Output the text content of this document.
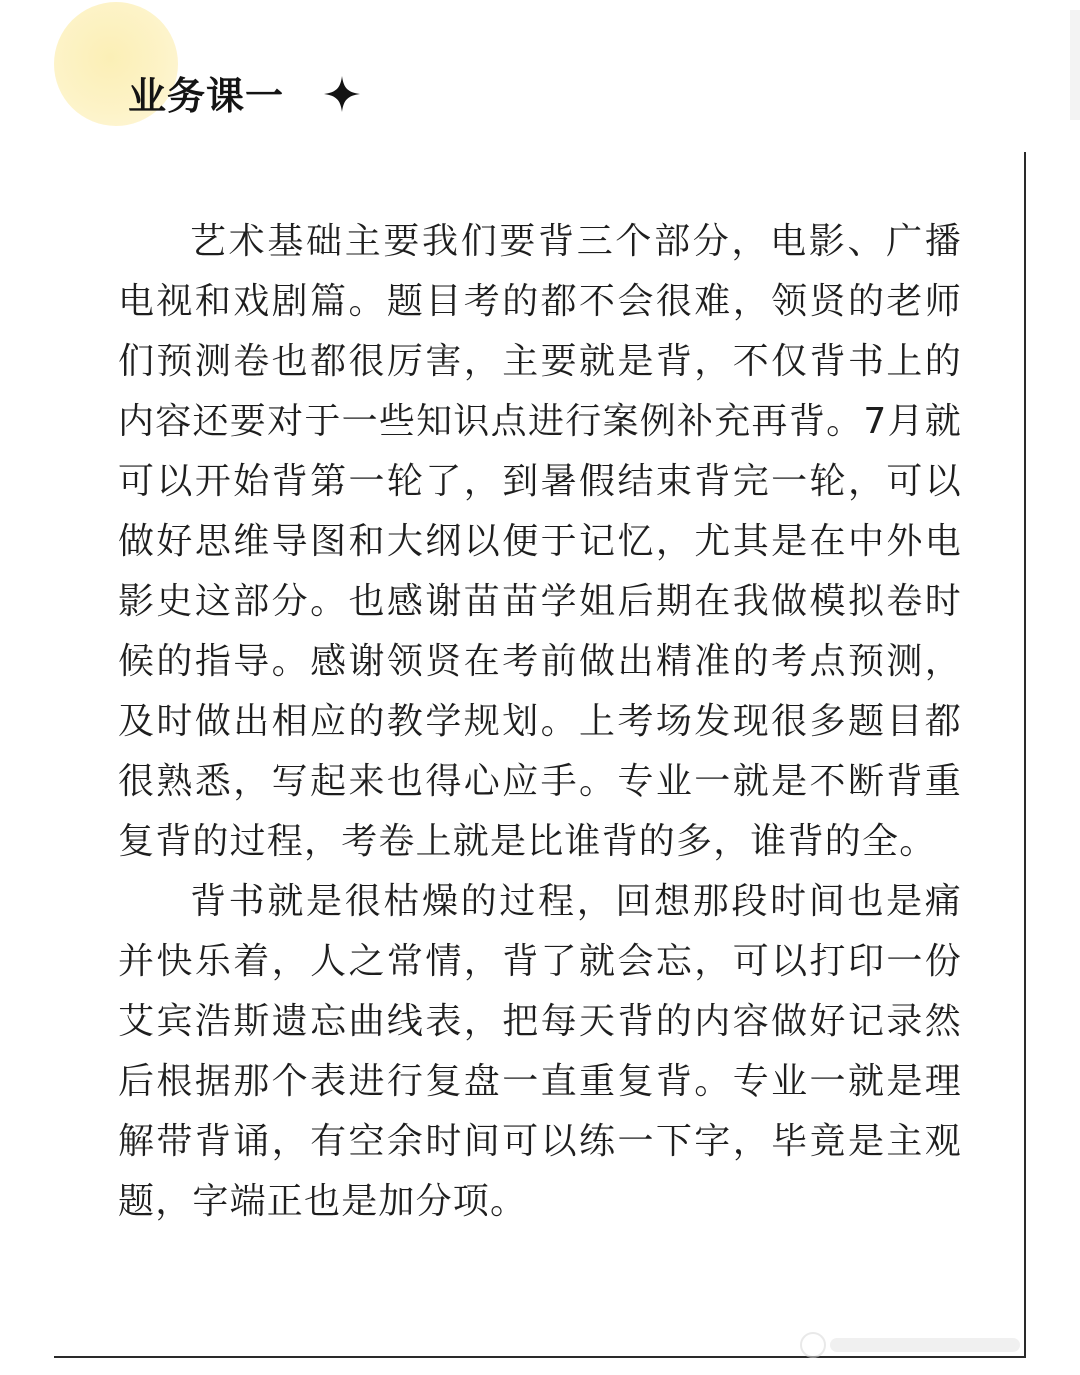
业务课一

艺术基础主要我们要背三个部分，电影、广播电视和戏剧篇。题目考的都不会很难，领贤的老师们预测卷也都很厉害，主要就是背，不仅背书上的内容还要对于一些知识点进行案例补充再背。7月就可以开始背第一轮了，到暑假结束背完一轮，可以做好思维导图和大纲以便于记忆，尤其是在中外电影史这部分。也感谢苗苗学姐后期在我做模拟卷时候的指导。感谢领贤在考前做出精准的考点预测，及时做出相应的教学规划。上考场发现很多题目都很熟悉，写起来也得心应手。专业一就是不断背重复背的过程，考卷上就是比谁背的多，谁背的全。

背书就是很枯燥的过程，回想那段时间也是痛并快乐着，人之常情，背了就会忘，可以打印一份艾宾浩斯遗忘曲线表，把每天背的内容做好记录然后根据那个表进行复盘一直重复背。专业一就是理解带背诵，有空余时间可以练一下字，毕竟是主观题，字端正也是加分项。
